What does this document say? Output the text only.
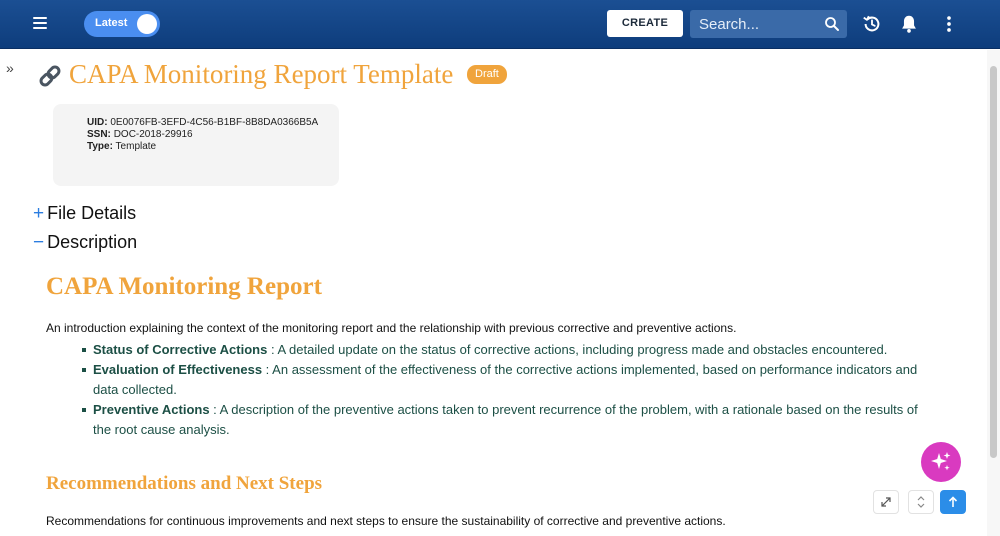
Latest	CREATE
Search...
» CAPA Monitoring Report Template	Draft
UID: 0E0076FB-3EFD-4C56-B1BF-8B8DA0366B5A
SSN: DOC-2018-29916
Type: Template
+ File Details
− Description
CAPA Monitoring Report
An introduction explaining the context of the monitoring report and the relationship with previous corrective and preventive actions.
Status of Corrective Actions : A detailed update on the status of corrective actions, including progress made and obstacles encountered.
Evaluation of Effectiveness : An assessment of the effectiveness of the corrective actions implemented, based on performance indicators and data collected.
Preventive Actions : A description of the preventive actions taken to prevent recurrence of the problem, with a rationale based on the results of the root cause analysis.
Recommendations and Next Steps
Recommendations for continuous improvements and next steps to ensure the sustainability of corrective and preventive actions.
